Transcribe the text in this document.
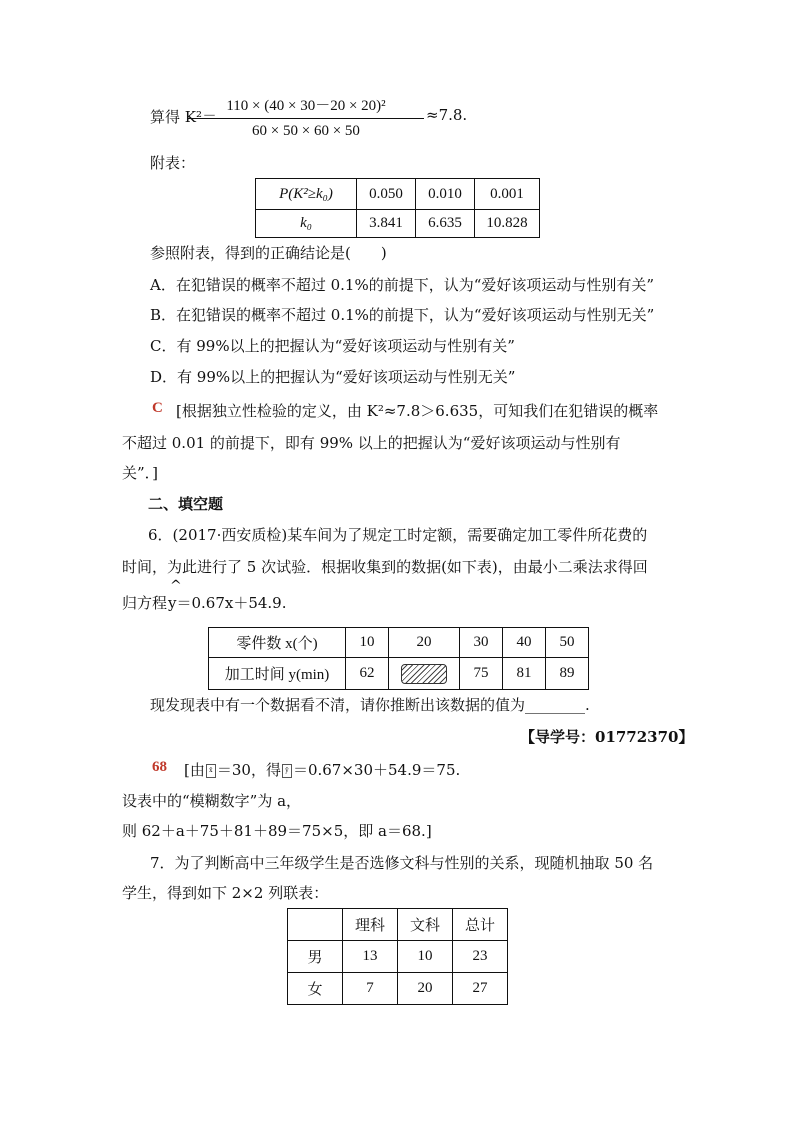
算得 K²＝
110 × (40 × 30－20 × 20)²
60 × 50 × 60 × 50
≈7.8.
附表：
P(K²≥k₀)	0.050	0.010	0.001
k₀	3.841	6.635	10.828
参照附表，得到的正确结论是(　　)
A．在犯错误的概率不超过 0.1%的前提下，认为“爱好该项运动与性别有关”
B．在犯错误的概率不超过 0.1%的前提下，认为“爱好该项运动与性别无关”
C．有 99%以上的把握认为“爱好该项运动与性别有关”
D．有 99%以上的把握认为“爱好该项运动与性别无关”
C [根据独立性检验的定义，由 K²≈7.8＞6.635，可知我们在犯错误的概率
不超过 0.01 的前提下，即有 99% 以上的把握认为“爱好该项运动与性别有
关”．]
二、填空题
6．(2017·西安质检)某车间为了规定工时定额，需要确定加工零件所花费的
时间，为此进行了 5 次试验．根据收集到的数据(如下表)，由最小二乘法求得回
归方程
^
y＝0.67x＋54.9.
零件数 x(个)	10	20	30	40	50
加工时间 y(min)	62		75	81	89
现发现表中有一个数据看不清，请你推断出该数据的值为________.
【导学号：01772370】
68 [由 x̄ ＝30，得 ȳ ＝0.67×30＋54.9＝75.
设表中的“模糊数字”为 a，
则 62＋a＋75＋81＋89＝75×5，即 a＝68.]
7．为了判断高中三年级学生是否选修文科与性别的关系，现随机抽取 50 名
学生，得到如下 2×2 列联表：
	理科	文科	总计
男	13	10	23
女	7	20	27
